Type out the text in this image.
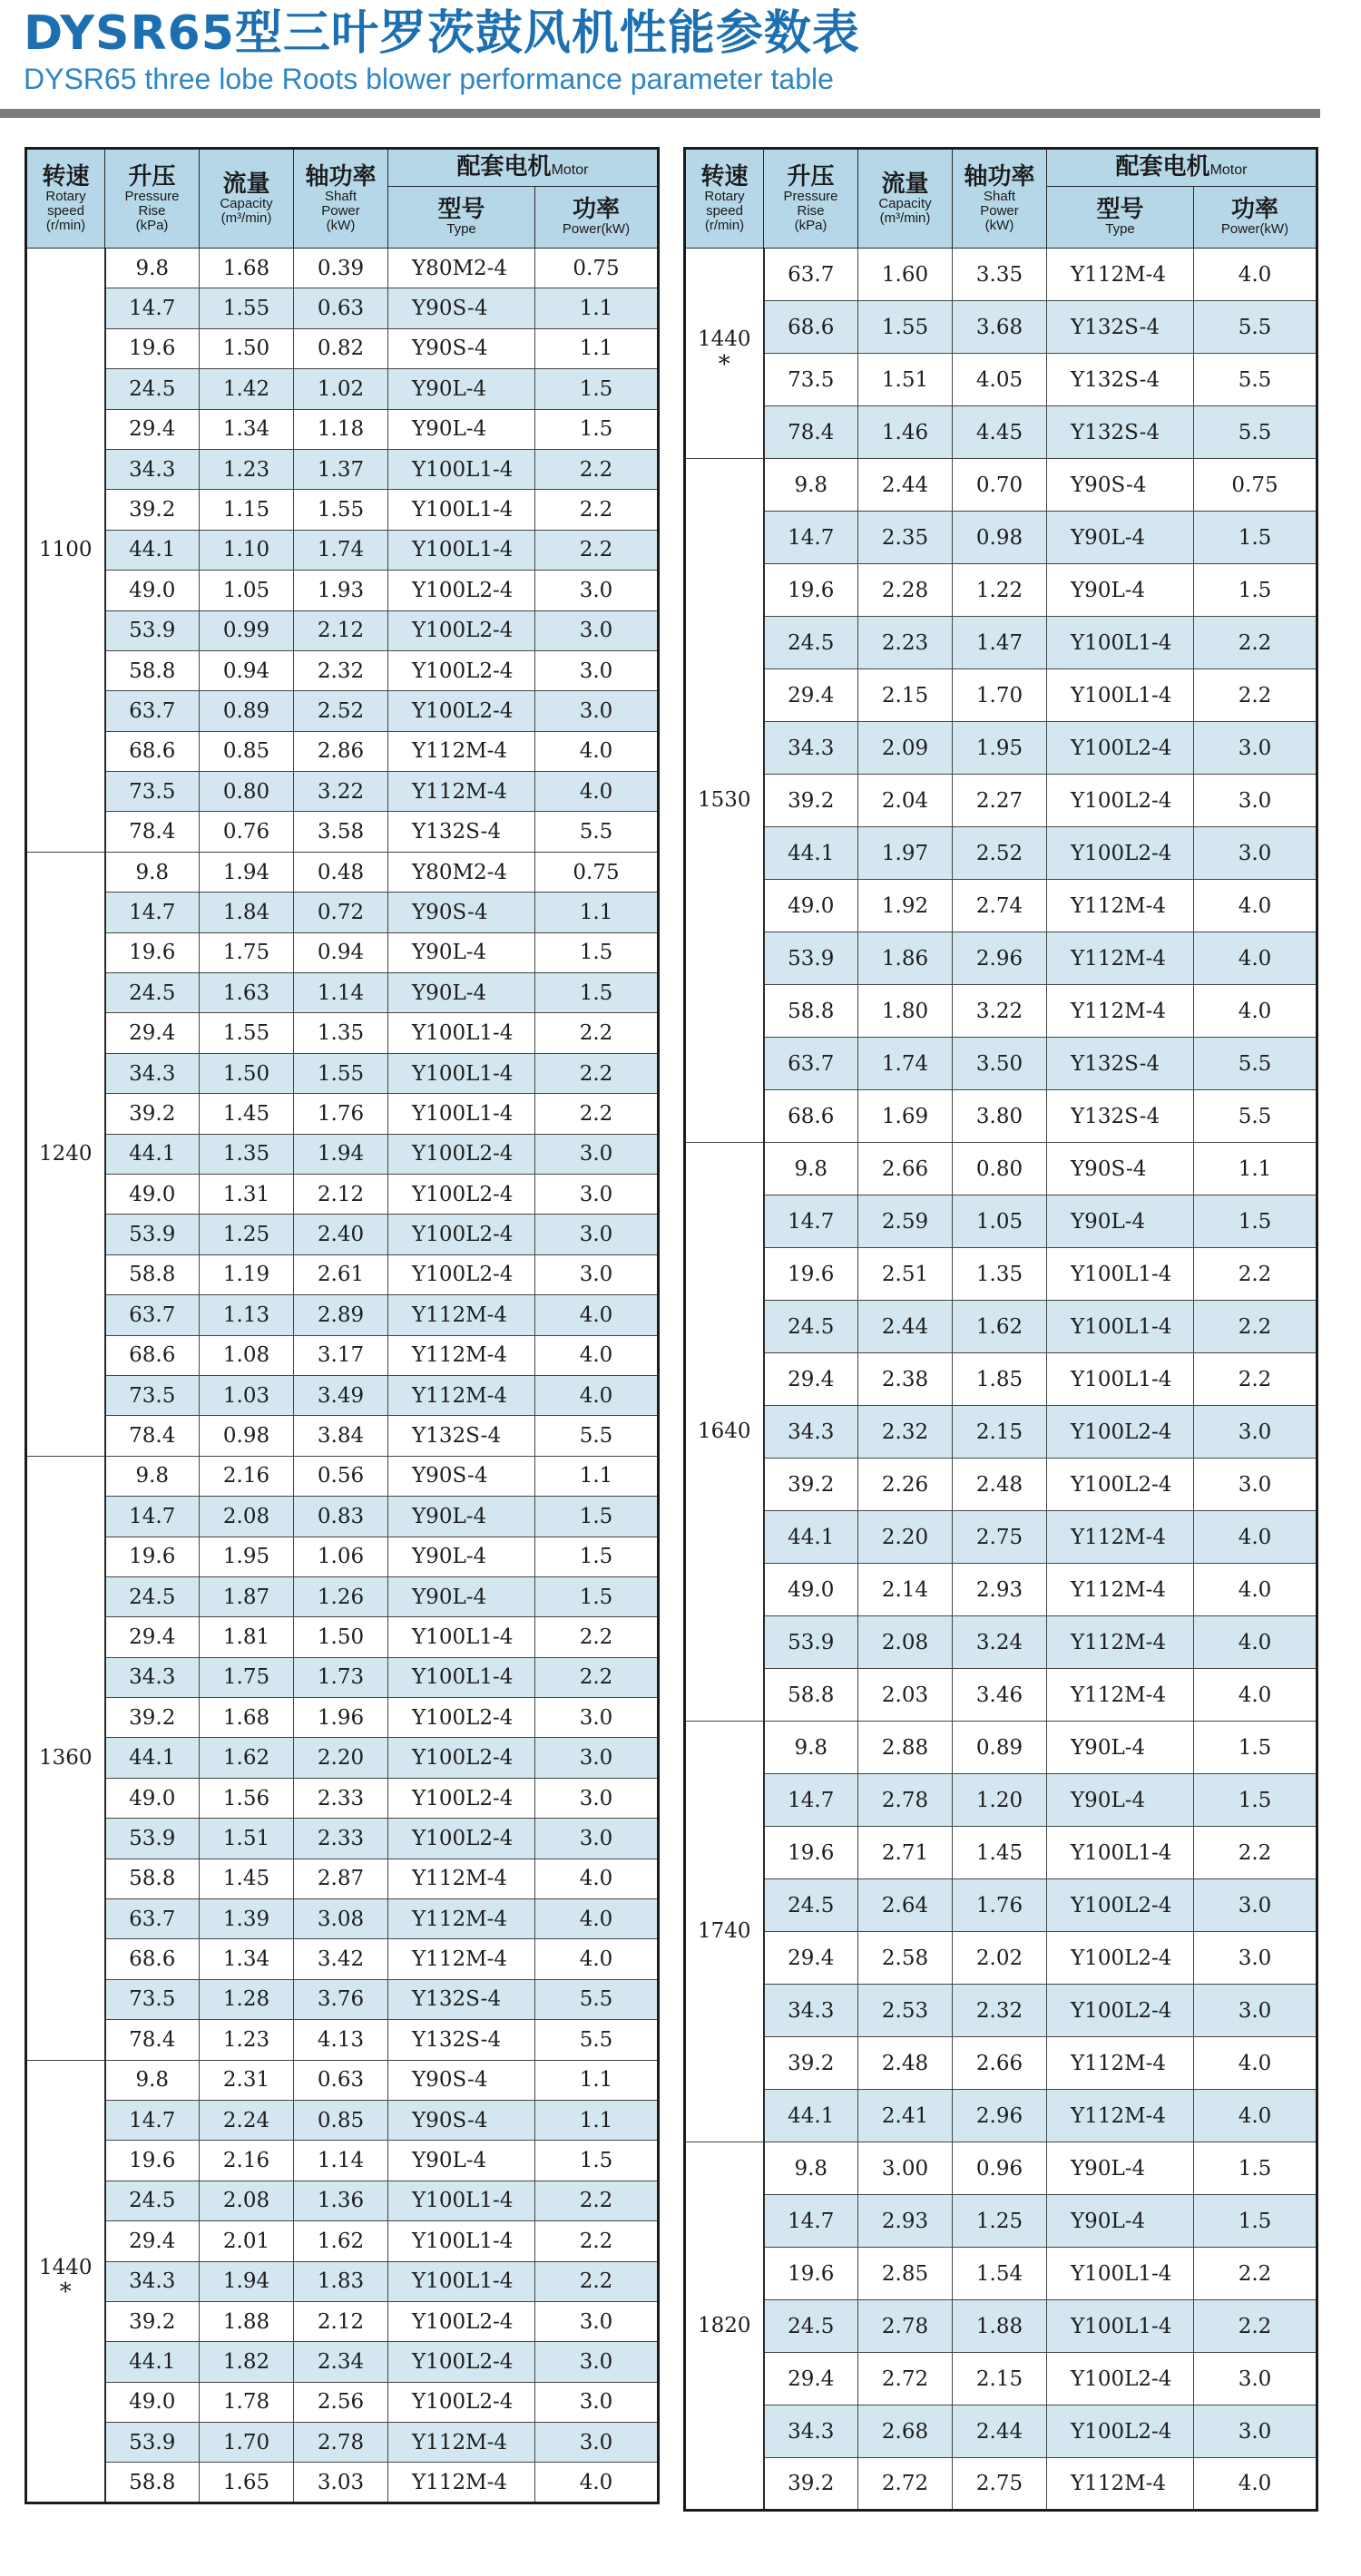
DYSR65型三叶罗茨鼓风机性能参数表
DYSR65 three lobe Roots blower performance parameter table
转速
Rotary
speed
(r/min)	升压
Pressure
Rise
(kPa)	流量
Capacity
(m³/min)	轴功率
Shaft
Power
(kW)	配套电机Motor	

				型号
Type	功率
Power(kW)

1100	9.8	1.68	0.39	Y80M2-4	0.75
	14.7	1.55	0.63	Y90S-4	1.1
	19.6	1.50	0.82	Y90S-4	1.1
	24.5	1.42	1.02	Y90L-4	1.5
	29.4	1.34	1.18	Y90L-4	1.5
	34.3	1.23	1.37	Y100L1-4	2.2
	39.2	1.15	1.55	Y100L1-4	2.2
	44.1	1.10	1.74	Y100L1-4	2.2
	49.0	1.05	1.93	Y100L2-4	3.0
	53.9	0.99	2.12	Y100L2-4	3.0
	58.8	0.94	2.32	Y100L2-4	3.0
	63.7	0.89	2.52	Y100L2-4	3.0
	68.6	0.85	2.86	Y112M-4	4.0
	73.5	0.80	3.22	Y112M-4	4.0
	78.4	0.76	3.58	Y132S-4	5.5
1240	9.8	1.94	0.48	Y80M2-4	0.75
	14.7	1.84	0.72	Y90S-4	1.1
	19.6	1.75	0.94	Y90L-4	1.5
	24.5	1.63	1.14	Y90L-4	1.5
	29.4	1.55	1.35	Y100L1-4	2.2
	34.3	1.50	1.55	Y100L1-4	2.2
	39.2	1.45	1.76	Y100L1-4	2.2
	44.1	1.35	1.94	Y100L2-4	3.0
	49.0	1.31	2.12	Y100L2-4	3.0
	53.9	1.25	2.40	Y100L2-4	3.0
	58.8	1.19	2.61	Y100L2-4	3.0
	63.7	1.13	2.89	Y112M-4	4.0
	68.6	1.08	3.17	Y112M-4	4.0
	73.5	1.03	3.49	Y112M-4	4.0
	78.4	0.98	3.84	Y132S-4	5.5
1360	9.8	2.16	0.56	Y90S-4	1.1
	14.7	2.08	0.83	Y90L-4	1.5
	19.6	1.95	1.06	Y90L-4	1.5
	24.5	1.87	1.26	Y90L-4	1.5
	29.4	1.81	1.50	Y100L1-4	2.2
	34.3	1.75	1.73	Y100L1-4	2.2
	39.2	1.68	1.96	Y100L2-4	3.0
	44.1	1.62	2.20	Y100L2-4	3.0
	49.0	1.56	2.33	Y100L2-4	3.0
	53.9	1.51	2.33	Y100L2-4	3.0
	58.8	1.45	2.87	Y112M-4	4.0
	63.7	1.39	3.08	Y112M-4	4.0
	68.6	1.34	3.42	Y112M-4	4.0
	73.5	1.28	3.76	Y132S-4	5.5
	78.4	1.23	4.13	Y132S-4	5.5
1440
*	9.8	2.31	0.63	Y90S-4	1.1
	14.7	2.24	0.85	Y90S-4	1.1
	19.6	2.16	1.14	Y90L-4	1.5
	24.5	2.08	1.36	Y100L1-4	2.2
	29.4	2.01	1.62	Y100L1-4	2.2
	34.3	1.94	1.83	Y100L1-4	2.2
	39.2	1.88	2.12	Y100L2-4	3.0
	44.1	1.82	2.34	Y100L2-4	3.0
	49.0	1.78	2.56	Y100L2-4	3.0
	53.9	1.70	2.78	Y112M-4	3.0
	58.8	1.65	3.03	Y112M-4	4.0
转速
Rotary
speed
(r/min)	升压
Pressure
Rise
(kPa)	流量
Capacity
(m³/min)	轴功率
Shaft
Power
(kW)	配套电机Motor	

				型号
Type	功率
Power(kW)

1440
*	63.7	1.60	3.35	Y112M-4	4.0
	68.6	1.55	3.68	Y132S-4	5.5
	73.5	1.51	4.05	Y132S-4	5.5
	78.4	1.46	4.45	Y132S-4	5.5
1530	9.8	2.44	0.70	Y90S-4	0.75
	14.7	2.35	0.98	Y90L-4	1.5
	19.6	2.28	1.22	Y90L-4	1.5
	24.5	2.23	1.47	Y100L1-4	2.2
	29.4	2.15	1.70	Y100L1-4	2.2
	34.3	2.09	1.95	Y100L2-4	3.0
	39.2	2.04	2.27	Y100L2-4	3.0
	44.1	1.97	2.52	Y100L2-4	3.0
	49.0	1.92	2.74	Y112M-4	4.0
	53.9	1.86	2.96	Y112M-4	4.0
	58.8	1.80	3.22	Y112M-4	4.0
	63.7	1.74	3.50	Y132S-4	5.5
	68.6	1.69	3.80	Y132S-4	5.5
1640	9.8	2.66	0.80	Y90S-4	1.1
	14.7	2.59	1.05	Y90L-4	1.5
	19.6	2.51	1.35	Y100L1-4	2.2
	24.5	2.44	1.62	Y100L1-4	2.2
	29.4	2.38	1.85	Y100L1-4	2.2
	34.3	2.32	2.15	Y100L2-4	3.0
	39.2	2.26	2.48	Y100L2-4	3.0
	44.1	2.20	2.75	Y112M-4	4.0
	49.0	2.14	2.93	Y112M-4	4.0
	53.9	2.08	3.24	Y112M-4	4.0
	58.8	2.03	3.46	Y112M-4	4.0
1740	9.8	2.88	0.89	Y90L-4	1.5
	14.7	2.78	1.20	Y90L-4	1.5
	19.6	2.71	1.45	Y100L1-4	2.2
	24.5	2.64	1.76	Y100L2-4	3.0
	29.4	2.58	2.02	Y100L2-4	3.0
	34.3	2.53	2.32	Y100L2-4	3.0
	39.2	2.48	2.66	Y112M-4	4.0
	44.1	2.41	2.96	Y112M-4	4.0
1820	9.8	3.00	0.96	Y90L-4	1.5
	14.7	2.93	1.25	Y90L-4	1.5
	19.6	2.85	1.54	Y100L1-4	2.2
	24.5	2.78	1.88	Y100L1-4	2.2
	29.4	2.72	2.15	Y100L2-4	3.0
	34.3	2.68	2.44	Y100L2-4	3.0
	39.2	2.72	2.75	Y112M-4	4.0
